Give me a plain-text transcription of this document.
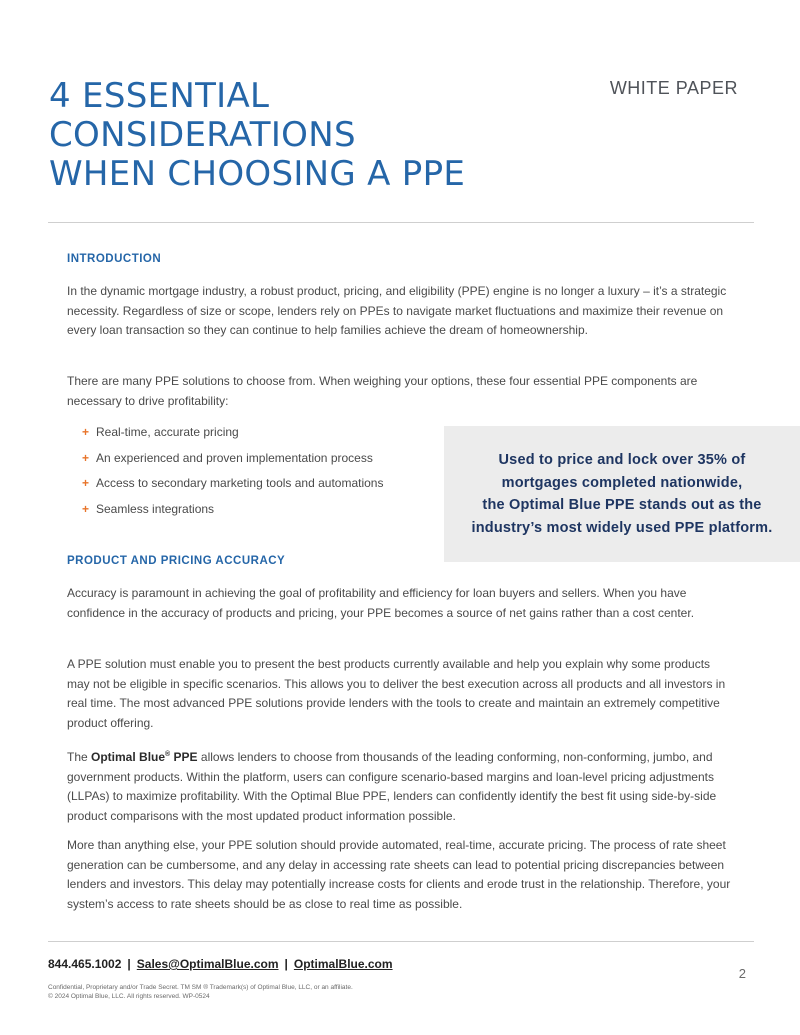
4 ESSENTIAL
CONSIDERATIONS
WHEN CHOOSING A PPE
WHITE PAPER
INTRODUCTION

In the dynamic mortgage industry, a robust product, pricing, and eligibility (PPE) engine is no longer a luxury – it’s a strategic necessity. Regardless of size or scope, lenders rely on PPEs to navigate market fluctuations and maximize their revenue on every loan transaction so they can continue to help families achieve the dream of homeownership.

There are many PPE solutions to choose from. When weighing your options, these four essential PPE components are necessary to drive profitability:

+ Real-time, accurate pricing
+ An experienced and proven implementation process
+ Access to secondary marketing tools and automations
+ Seamless integrations

Used to price and lock over 35% of
mortgages completed nationwide,
the Optimal Blue PPE stands out as the
industry’s most widely used PPE platform.

PRODUCT AND PRICING ACCURACY

Accuracy is paramount in achieving the goal of profitability and efficiency for loan buyers and sellers. When you have confidence in the accuracy of products and pricing, your PPE becomes a source of net gains rather than a cost center.

A PPE solution must enable you to present the best products currently available and help you explain why some products may not be eligible in specific scenarios. This allows you to deliver the best execution across all products and all investors in real time. The most advanced PPE solutions provide lenders with the tools to create and maintain an extremely competitive product offering.

The Optimal Blue® PPE allows lenders to choose from thousands of the leading conforming, non-conforming, jumbo, and government products. Within the platform, users can configure scenario-based margins and loan-level pricing adjustments (LLPAs) to maximize profitability. With the Optimal Blue PPE, lenders can confidently identify the best fit using side-by-side product comparisons with the most updated product information possible.

More than anything else, your PPE solution should provide automated, real-time, accurate pricing. The process of rate sheet generation can be cumbersome, and any delay in accessing rate sheets can lead to potential pricing discrepancies between lenders and investors. This delay may potentially increase costs for clients and erode trust in the relationship. Therefore, your system’s access to rate sheets should be as close to real time as possible.

844.465.1002 | Sales@OptimalBlue.com | OptimalBlue.com
Confidential, Proprietary and/or Trade Secret. TM SM ® Trademark(s) of Optimal Blue, LLC, or an affiliate.
© 2024 Optimal Blue, LLC. All rights reserved. WP-0524
2
